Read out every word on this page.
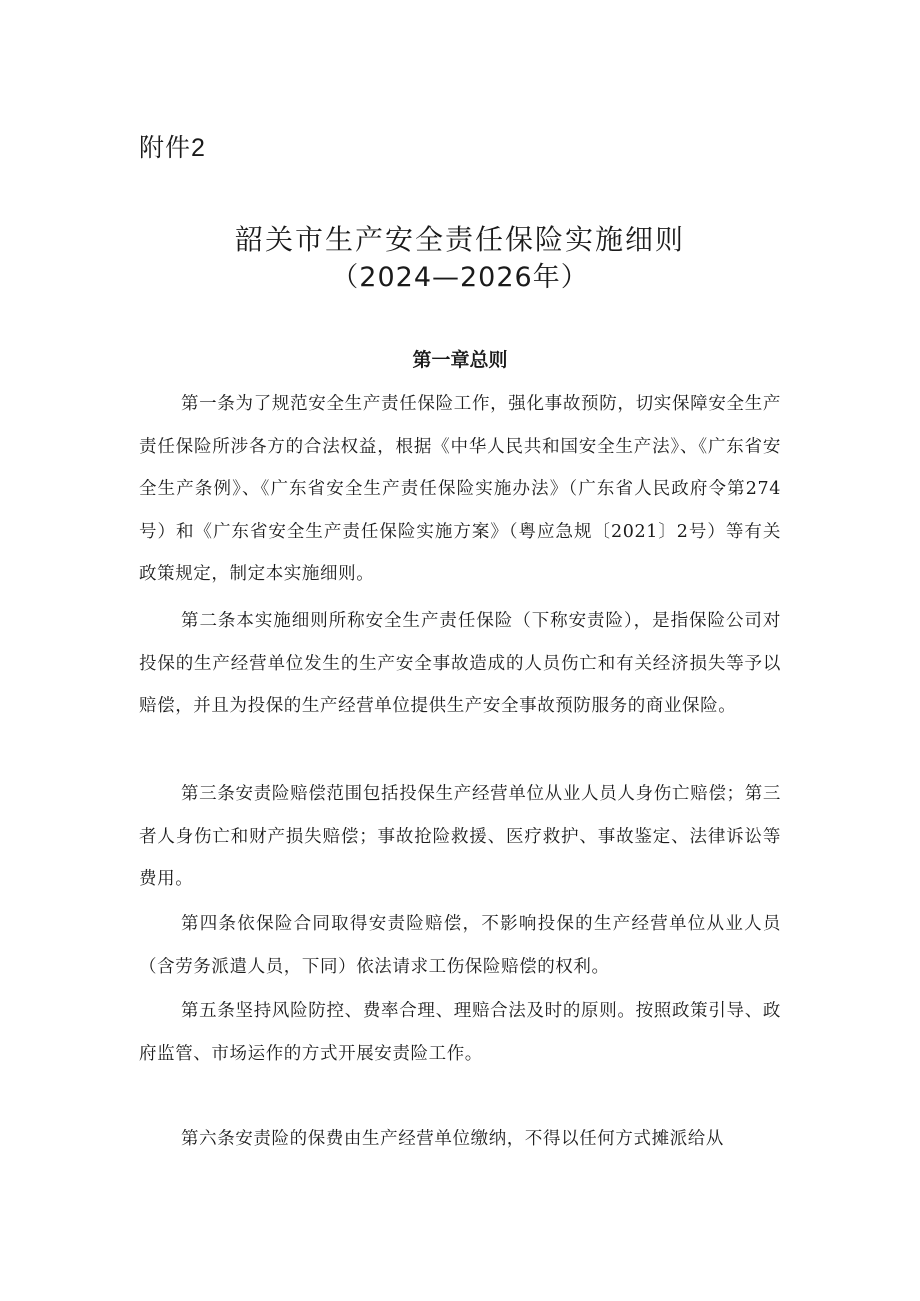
附件2
韶关市生产安全责任保险实施细则
（2024—2026年）
第一章总则

第一条为了规范安全生产责任保险工作，强化事故预防，切实保障安全生产责任保险所涉各方的合法权益，根据《中华人民共和国安全生产法》、《广东省安全生产条例》、《广东省安全生产责任保险实施办法》（广东省人民政府令第274号）和《广东省安全生产责任保险实施方案》（粤应急规〔2021〕2号）等有关政策规定，制定本实施细则。

第二条本实施细则所称安全生产责任保险（下称安责险），是指保险公司对投保的生产经营单位发生的生产安全事故造成的人员伤亡和有关经济损失等予以赔偿，并且为投保的生产经营单位提供生产安全事故预防服务的商业保险。

第三条安责险赔偿范围包括投保生产经营单位从业人员人身伤亡赔偿；第三者人身伤亡和财产损失赔偿；事故抢险救援、医疗救护、事故鉴定、法律诉讼等费用。

第四条依保险合同取得安责险赔偿，不影响投保的生产经营单位从业人员（含劳务派遣人员，下同）依法请求工伤保险赔偿的权利。

第五条坚持风险防控、费率合理、理赔合法及时的原则。按照政策引导、政府监管、市场运作的方式开展安责险工作。

第六条安责险的保费由生产经营单位缴纳，不得以任何方式摊派给从
